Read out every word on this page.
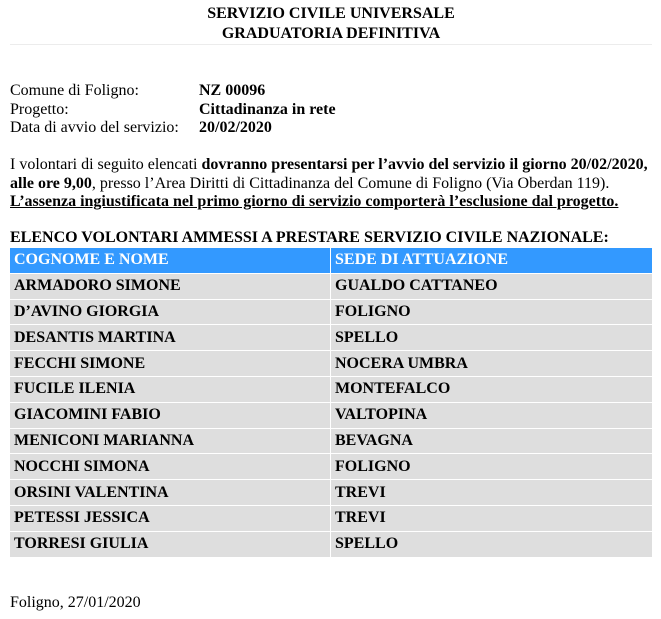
SERVIZIO CIVILE UNIVERSALE
GRADUATORIA DEFINITIVA
Comune di Foligno:	NZ 00096
Progetto:	Cittadinanza in rete
Data di avvio del servizio:	20/02/2020
I volontari di seguito elencati dovranno presentarsi per l’avvio del servizio il giorno 20/02/2020, alle ore 9,00, presso l’Area Diritti di Cittadinanza del Comune di Foligno (Via Oberdan 119).
L’assenza ingiustificata nel primo giorno di servizio comporterà l’esclusione dal progetto.
ELENCO VOLONTARI AMMESSI A PRESTARE SERVIZIO CIVILE NAZIONALE:
COGNOME E NOME	SEDE DI ATTUAZIONE
ARMADORO SIMONE	GUALDO CATTANEO
D’AVINO GIORGIA	FOLIGNO
DESANTIS MARTINA	SPELLO
FECCHI SIMONE	NOCERA UMBRA
FUCILE ILENIA	MONTEFALCO
GIACOMINI FABIO	VALTOPINA
MENICONI MARIANNA	BEVAGNA
NOCCHI SIMONA	FOLIGNO
ORSINI VALENTINA	TREVI
PETESSI JESSICA	TREVI
TORRESI GIULIA	SPELLO
Foligno, 27/01/2020
